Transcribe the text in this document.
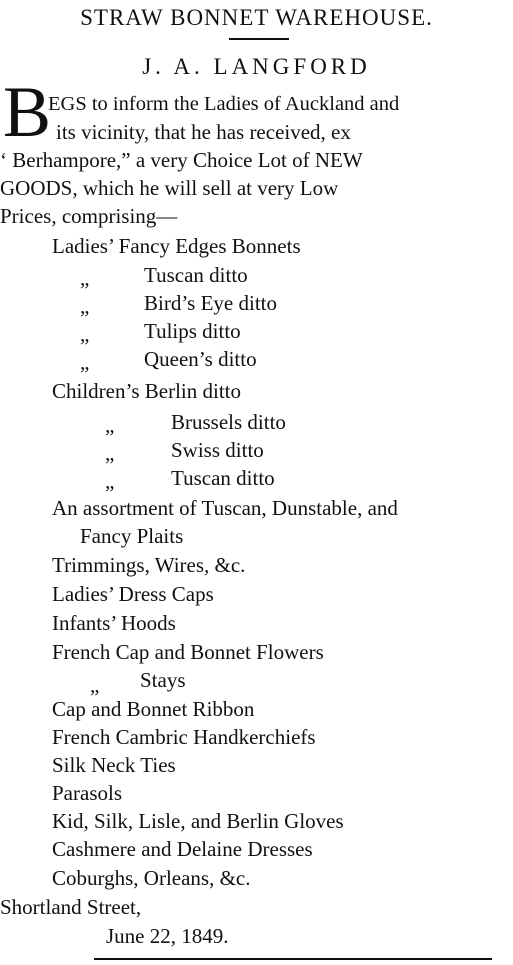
STRAW BONNET WAREHOUSE.
J. A. LANGFORD
B
EGS to inform the Ladies of Auckland and
its vicinity, that he has received, ex
‘ Berhampore,” a very Choice Lot of NEW
GOODS, which he will sell at very Low
Prices, comprising—
Ladies’ Fancy Edges Bonnets
„	Tuscan ditto
„	Bird’s Eye ditto
„	Tulips ditto
„	Queen’s ditto
Children’s Berlin ditto
„	Brussels ditto
„	Swiss ditto
„	Tuscan ditto
An assortment of Tuscan, Dunstable, and
Fancy Plaits
Trimmings, Wires, &c.
Ladies’ Dress Caps
Infants’ Hoods
French Cap and Bonnet Flowers
„ Stays
Cap and Bonnet Ribbon
French Cambric Handkerchiefs
Silk Neck Ties
Parasols
Kid, Silk, Lisle, and Berlin Gloves
Cashmere and Delaine Dresses
Coburghs, Orleans, &c.
Shortland Street,
June 22, 1849.
